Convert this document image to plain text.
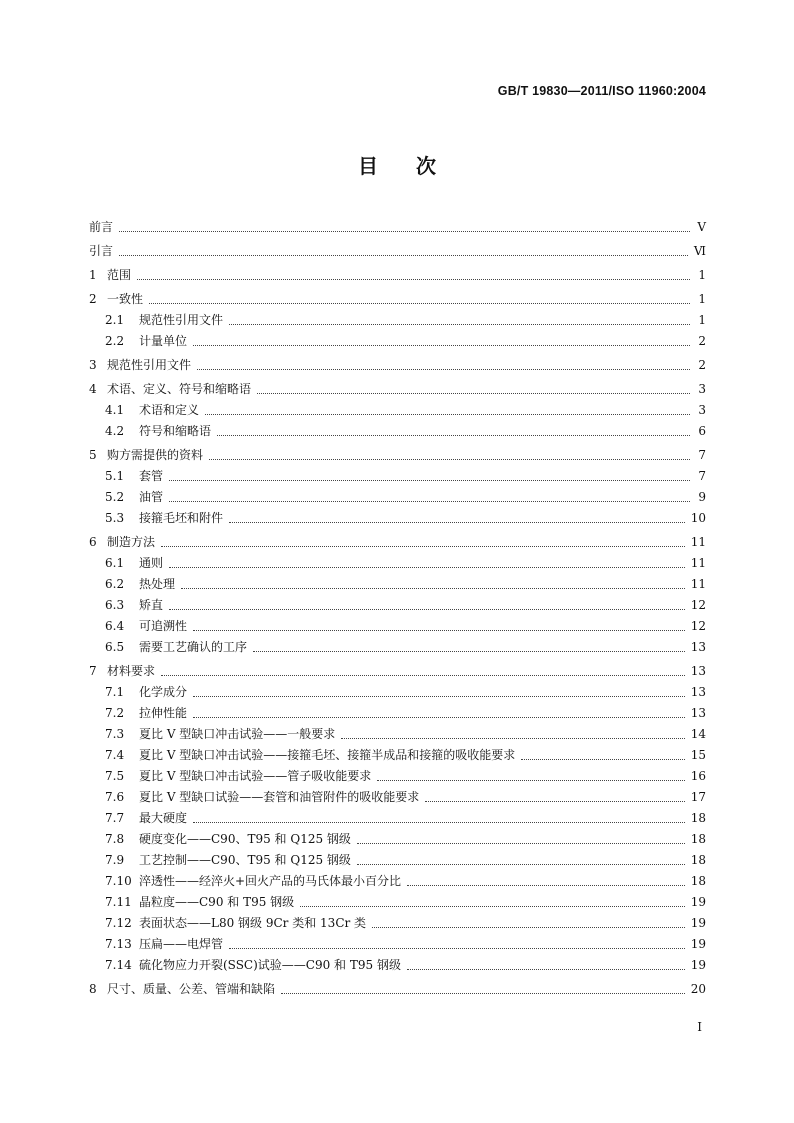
GB/T 19830—2011/ISO 11960:2004
目 次
前言	Ⅴ
引言	Ⅵ
1 范围	1
2 一致性	1
2.1	规范性引用文件	1
2.2	计量单位	2
3 规范性引用文件	2
4 术语、定义、符号和缩略语	3
4.1	术语和定义	3
4.2	符号和缩略语	6
5 购方需提供的资料	7
5.1	套管	7
5.2	油管	9
5.3	接箍毛坯和附件	10
6 制造方法	11
6.1	通则	11
6.2	热处理	11
6.3	矫直	12
6.4	可追溯性	12
6.5	需要工艺确认的工序	13
7 材料要求	13
7.1	化学成分	13
7.2	拉伸性能	13
7.3	夏比 V 型缺口冲击试验——一般要求	14
7.4	夏比 V 型缺口冲击试验——接箍毛坯、接箍半成品和接箍的吸收能要求	15
7.5	夏比 V 型缺口冲击试验——管子吸收能要求	16
7.6	夏比 V 型缺口试验——套管和油管附件的吸收能要求	17
7.7	最大硬度	18
7.8	硬度变化——C90、T95 和 Q125 钢级	18
7.9	工艺控制——C90、T95 和 Q125 钢级	18
7.10 淬透性——经淬火+回火产品的马氏体最小百分比	18
7.11 晶粒度——C90 和 T95 钢级	19
7.12 表面状态——L80 钢级 9Cr 类和 13Cr 类	19
7.13 压扁——电焊管	19
7.14 硫化物应力开裂(SSC)试验——C90 和 T95 钢级	19
8 尺寸、质量、公差、管端和缺陷	20
Ⅰ
